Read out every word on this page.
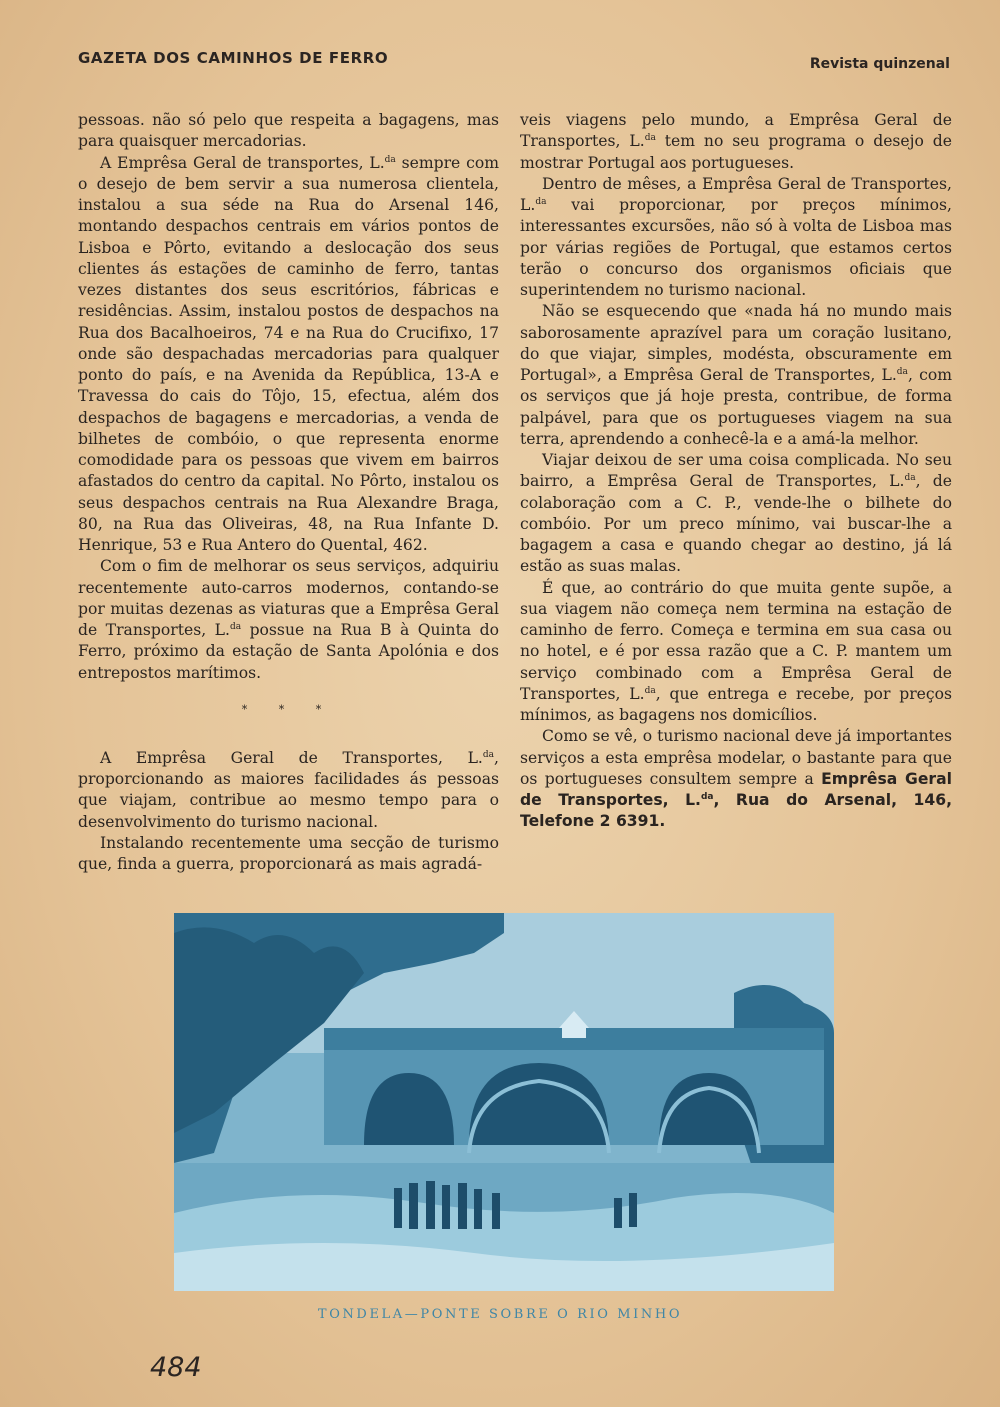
GAZETA DOS CAMINHOS DE FERRO	Revista quinzenal

pessoas. não só pelo que respeita a bagagens, mas para quaisquer mercadorias.

A Emprêsa Geral de transportes, L.$^{da}$ sempre com o desejo de bem servir a sua numerosa clientela, instalou a sua séde na Rua do Arsenal 146, montando despachos centrais em vários pontos de Lisboa e Pôrto, evitando a deslocação dos seus clientes ás estações de caminho de ferro, tantas vezes distantes dos seus escritórios, fábricas e residências. Assim, instalou postos de despachos na Rua dos Bacalhoeiros, 74 e na Rua do Crucifixo, 17 onde são despachadas mercadorias para qualquer ponto do país, e na Avenida da República, 13-A e Travessa do cais do Tôjo, 15, efectua, além dos despachos de bagagens e mercadorias, a venda de bilhetes de combóio, o que representa enorme comodidade para os pessoas que vivem em bairros afastados do centro da capital. No Pôrto, instalou os seus despachos centrais na Rua Alexandre Braga, 80, na Rua das Oliveiras, 48, na Rua Infante D. Henrique, 53 e Rua Antero do Quental, 462.

Com o fim de melhorar os seus serviços, adquiriu recentemente auto-carros modernos, contando-se por muitas dezenas as viaturas que a Emprêsa Geral de Transportes, L.$^{da}$ possue na Rua B à Quinta do Ferro, próximo da estação de Santa Apolónia e dos entrepostos marítimos.

* * *

A Emprêsa Geral de Transportes, L.$^{da}$, proporcionando as maiores facilidades ás pessoas que viajam, contribue ao mesmo tempo para o desenvolvimento do turismo nacional.

Instalando recentemente uma secção de turismo que, finda a guerra, proporcionará as mais agradá-

veis viagens pelo mundo, a Emprêsa Geral de Transportes, L.$^{da}$ tem no seu programa o desejo de mostrar Portugal aos portugueses.

Dentro de mêses, a Emprêsa Geral de Transportes, L.$^{da}$ vai proporcionar, por preços mínimos, interessantes excursões, não só à volta de Lisboa mas por várias regiões de Portugal, que estamos certos terão o concurso dos organismos oficiais que superintendem no turismo nacional.

Não se esquecendo que «nada há no mundo mais saborosamente aprazível para um coração lusitano, do que viajar, simples, modésta, obscuramente em Portugal», a Emprêsa Geral de Transportes, L.$^{da}$, com os serviços que já hoje presta, contribue, de forma palpável, para que os portugueses viagem na sua terra, aprendendo a conhecê-la e a amá-la melhor.

Viajar deixou de ser uma coisa complicada. No seu bairro, a Emprêsa Geral de Transportes, L.$^{da}$, de colaboração com a C. P., vende-lhe o bilhete do combóio. Por um preco mínimo, vai buscar-lhe a bagagem a casa e quando chegar ao destino, já lá estão as suas malas.

É que, ao contrário do que muita gente supõe, a sua viagem não começa nem termina na estação de caminho de ferro. Começa e termina em sua casa ou no hotel, e é por essa razão que a C. P. mantem um serviço combinado com a Emprêsa Geral de Transportes, L.$^{da}$, que entrega e recebe, por preços mínimos, as bagagens nos domicílios.

Como se vê, o turismo nacional deve já importantes serviços a esta emprêsa modelar, o bastante para que os portugueses consultem sempre a Emprêsa Geral de Transportes, L.$^{da}$, Rua do Arsenal, 146, Telefone 2 6391.

TONDELA—PONTE SOBRE O RIO MINHO
484
